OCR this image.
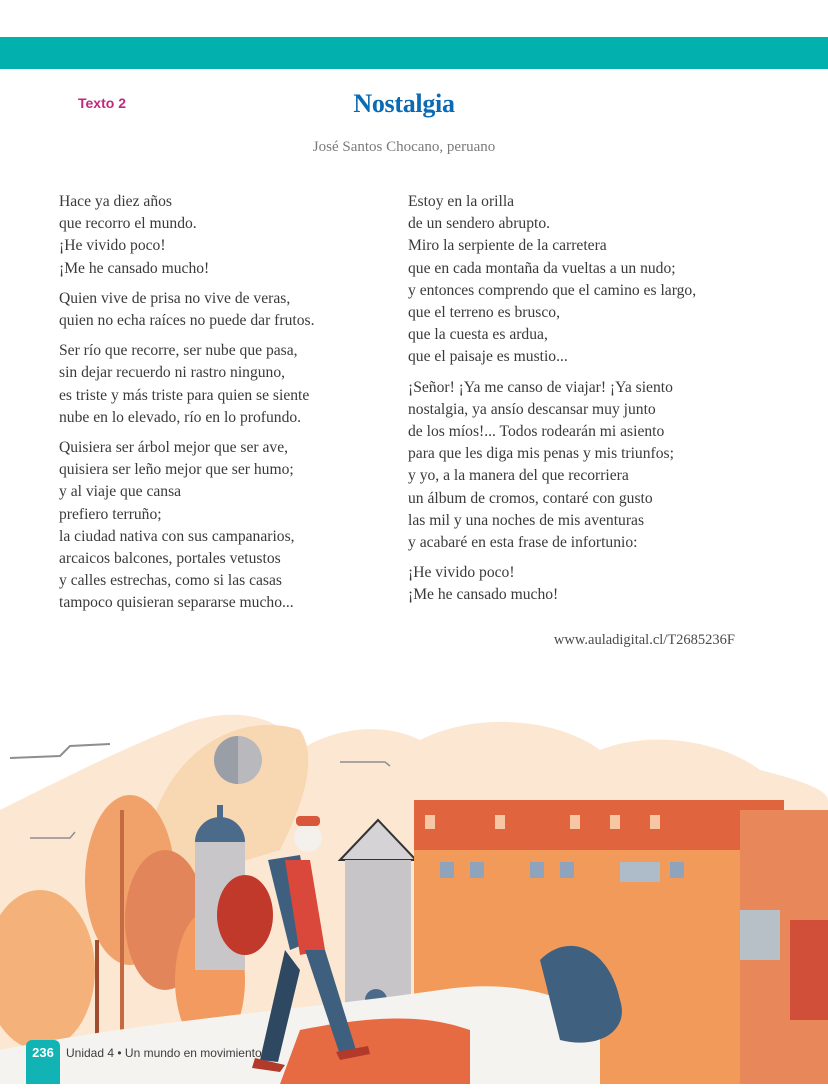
Texto 2	Nostalgia
José Santos Chocano, peruano
Hace ya diez años
que recorro el mundo.
¡He vivido poco!
¡Me he cansado mucho!
Quien vive de prisa no vive de veras,
quien no echa raíces no puede dar frutos.
Ser río que recorre, ser nube que pasa,
sin dejar recuerdo ni rastro ninguno,
es triste y más triste para quien se siente
nube en lo elevado, río en lo profundo.
Quisiera ser árbol mejor que ser ave,
quisiera ser leño mejor que ser humo;
y al viaje que cansa
prefiero terruño;
la ciudad nativa con sus campanarios,
arcaicos balcones, portales vetustos
y calles estrechas, como si las casas
tampoco quisieran separarse mucho...
Estoy en la orilla
de un sendero abrupto.
Miro la serpiente de la carretera
que en cada montaña da vueltas a un nudo;
y entonces comprendo que el camino es largo,
que el terreno es brusco,
que la cuesta es ardua,
que el paisaje es mustio...
¡Señor! ¡Ya me canso de viajar! ¡Ya siento
nostalgia, ya ansío descansar muy junto
de los míos!... Todos rodearán mi asiento
para que les diga mis penas y mis triunfos;
y yo, a la manera del que recorriera
un álbum de cromos, contaré con gusto
las mil y una noches de mis aventuras
y acabaré en esta frase de infortunio:
¡He vivido poco!
¡Me he cansado mucho!
www.auladigital.cl/T2685236F
236	Unidad 4 • Un mundo en movimiento
